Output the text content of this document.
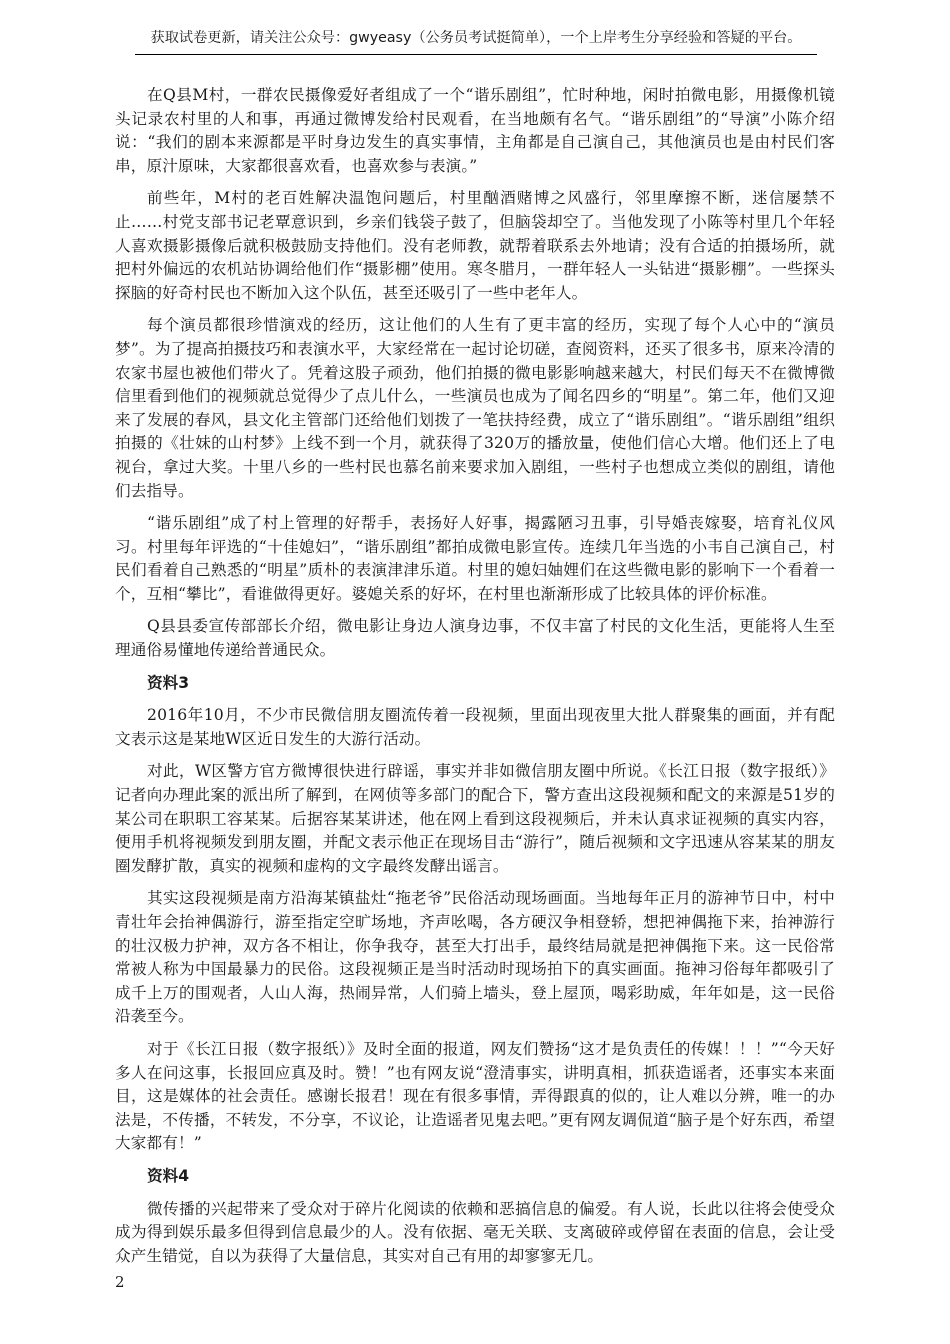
获取试卷更新，请关注公众号：gwyeasy（公务员考试挺简单），一个上岸考生分享经验和答疑的平台。

在Q县M村，一群农民摄像爱好者组成了一个“谐乐剧组”，忙时种地，闲时拍微电影，用摄像机镜头记录农村里的人和事，再通过微博发给村民观看，在当地颇有名气。“谐乐剧组”的“导演”小陈介绍说：“我们的剧本来源都是平时身边发生的真实事情，主角都是自己演自己，其他演员也是由村民们客串，原汁原味，大家都很喜欢看，也喜欢参与表演。”

前些年，M村的老百姓解决温饱问题后，村里酗酒赌博之风盛行，邻里摩擦不断，迷信屡禁不止……村党支部书记老覃意识到，乡亲们钱袋子鼓了，但脑袋却空了。当他发现了小陈等村里几个年轻人喜欢摄影摄像后就积极鼓励支持他们。没有老师教，就帮着联系去外地请；没有合适的拍摄场所，就把村外偏远的农机站协调给他们作“摄影棚”使用。寒冬腊月，一群年轻人一头钻进“摄影棚”。一些探头探脑的好奇村民也不断加入这个队伍，甚至还吸引了一些中老年人。

每个演员都很珍惜演戏的经历，这让他们的人生有了更丰富的经历，实现了每个人心中的“演员梦”。为了提高拍摄技巧和表演水平，大家经常在一起讨论切磋，查阅资料，还买了很多书，原来冷清的农家书屋也被他们带火了。凭着这股子顽劲，他们拍摄的微电影影响越来越大，村民们每天不在微博微信里看到他们的视频就总觉得少了点儿什么，一些演员也成为了闻名四乡的“明星”。第二年，他们又迎来了发展的春风，县文化主管部门还给他们划拨了一笔扶持经费，成立了“谐乐剧组”。“谐乐剧组”组织拍摄的《壮妹的山村梦》上线不到一个月，就获得了320万的播放量，使他们信心大增。他们还上了电视台，拿过大奖。十里八乡的一些村民也慕名前来要求加入剧组，一些村子也想成立类似的剧组，请他们去指导。

“谐乐剧组”成了村上管理的好帮手，表扬好人好事，揭露陋习丑事，引导婚丧嫁娶，培育礼仪风习。村里每年评选的“十佳媳妇”，“谐乐剧组”都拍成微电影宣传。连续几年当选的小韦自己演自己，村民们看着自己熟悉的“明星”质朴的表演津津乐道。村里的媳妇妯娌们在这些微电影的影响下一个看着一个，互相“攀比”，看谁做得更好。婆媳关系的好坏，在村里也渐渐形成了比较具体的评价标准。

Q县县委宣传部部长介绍，微电影让身边人演身边事，不仅丰富了村民的文化生活，更能将人生至理通俗易懂地传递给普通民众。

资料3

2016年10月，不少市民微信朋友圈流传着一段视频，里面出现夜里大批人群聚集的画面，并有配文表示这是某地W区近日发生的大游行活动。

对此，W区警方官方微博很快进行辟谣，事实并非如微信朋友圈中所说。《长江日报（数字报纸）》记者向办理此案的派出所了解到，在网侦等多部门的配合下，警方查出这段视频和配文的来源是51岁的某公司在职职工容某某。后据容某某讲述，他在网上看到这段视频后，并未认真求证视频的真实内容，便用手机将视频发到朋友圈，并配文表示他正在现场目击“游行”，随后视频和文字迅速从容某某的朋友圈发酵扩散，真实的视频和虚构的文字最终发酵出谣言。

其实这段视频是南方沿海某镇盐灶“拖老爷”民俗活动现场画面。当地每年正月的游神节日中，村中青壮年会抬神偶游行，游至指定空旷场地，齐声吆喝，各方硬汉争相登轿，想把神偶拖下来，抬神游行的壮汉极力护神，双方各不相让，你争我夺，甚至大打出手，最终结局就是把神偶拖下来。这一民俗常常被人称为中国最暴力的民俗。这段视频正是当时活动时现场拍下的真实画面。拖神习俗每年都吸引了成千上万的围观者，人山人海，热闹异常，人们骑上墙头，登上屋顶，喝彩助威，年年如是，这一民俗沿袭至今。

对于《长江日报（数字报纸）》及时全面的报道，网友们赞扬“这才是负责任的传媒！！！”“今天好多人在问这事，长报回应真及时。赞！”也有网友说“澄清事实，讲明真相，抓获造谣者，还事实本来面目，这是媒体的社会责任。感谢长报君！现在有很多事情，弄得跟真的似的，让人难以分辨，唯一的办法是，不传播，不转发，不分享，不议论，让造谣者见鬼去吧。”更有网友调侃道“脑子是个好东西，希望大家都有！”

资料4

微传播的兴起带来了受众对于碎片化阅读的依赖和恶搞信息的偏爱。有人说，长此以往将会使受众成为得到娱乐最多但得到信息最少的人。没有依据、毫无关联、支离破碎或停留在表面的信息，会让受众产生错觉，自以为获得了大量信息，其实对自己有用的却寥寥无几。

2
